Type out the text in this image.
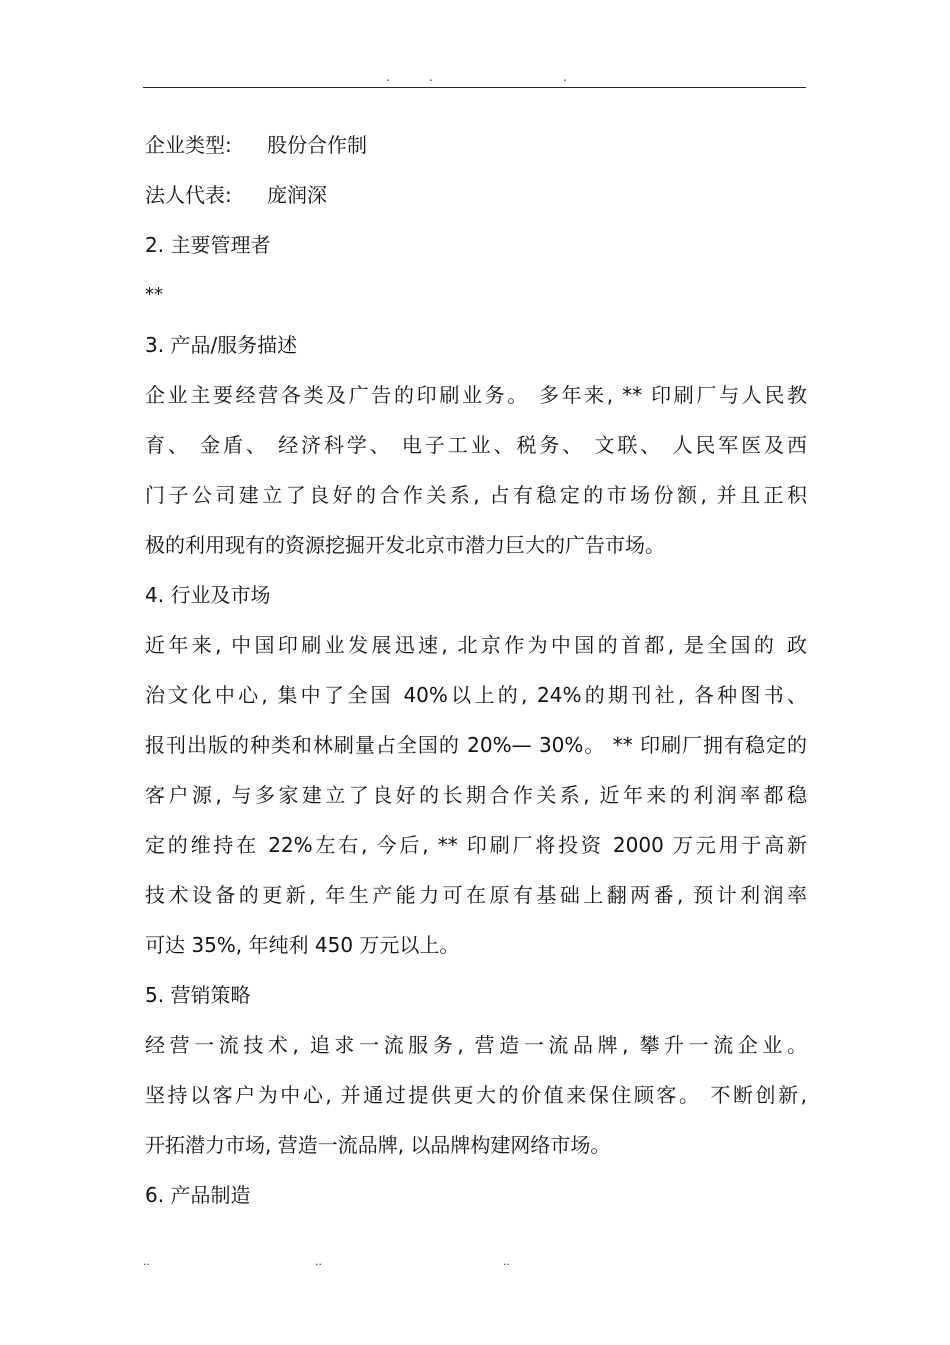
.	.	.
企业类型: 股份合作制
法人代表: 庞润深
2. 主要管理者
**
3. 产品/服务描述
企业主要经营各类及广告的印刷业务。 多年来, ** 印刷厂与人民教
育、 金盾、 经济科学、 电子工业、税务、 文联、 人民军医及西
门子公司建立了良好的合作关系, 占有稳定的市场份额, 并且正积
极的利用现有的资源挖掘开发北京市潜力巨大的广告市场。
4. 行业及市场
近年来, 中国印刷业发展迅速, 北京作为中国的首都, 是全国的 政
治文化中心, 集中了全国 40%以上的, 24%的期刊社, 各种图书、
报刊出版的种类和林刷量占全国的 20%— 30%。 ** 印刷厂拥有稳定的
客户源, 与多家建立了良好的长期合作关系, 近年来的利润率都稳
定的维持在 22%左右, 今后, ** 印刷厂将投资 2000 万元用于高新
技术设备的更新, 年生产能力可在原有基础上翻两番, 预计利润率
可达 35%, 年纯利 450 万元以上。
5. 营销策略
经营一流技术, 追求一流服务, 营造一流品牌, 攀升一流企业。
坚持以客户为中心, 并通过提供更大的价值来保住顾客。 不断创新,
开拓潜力市场, 营造一流品牌, 以品牌构建网络市场。
6. 产品制造
..	..	..
